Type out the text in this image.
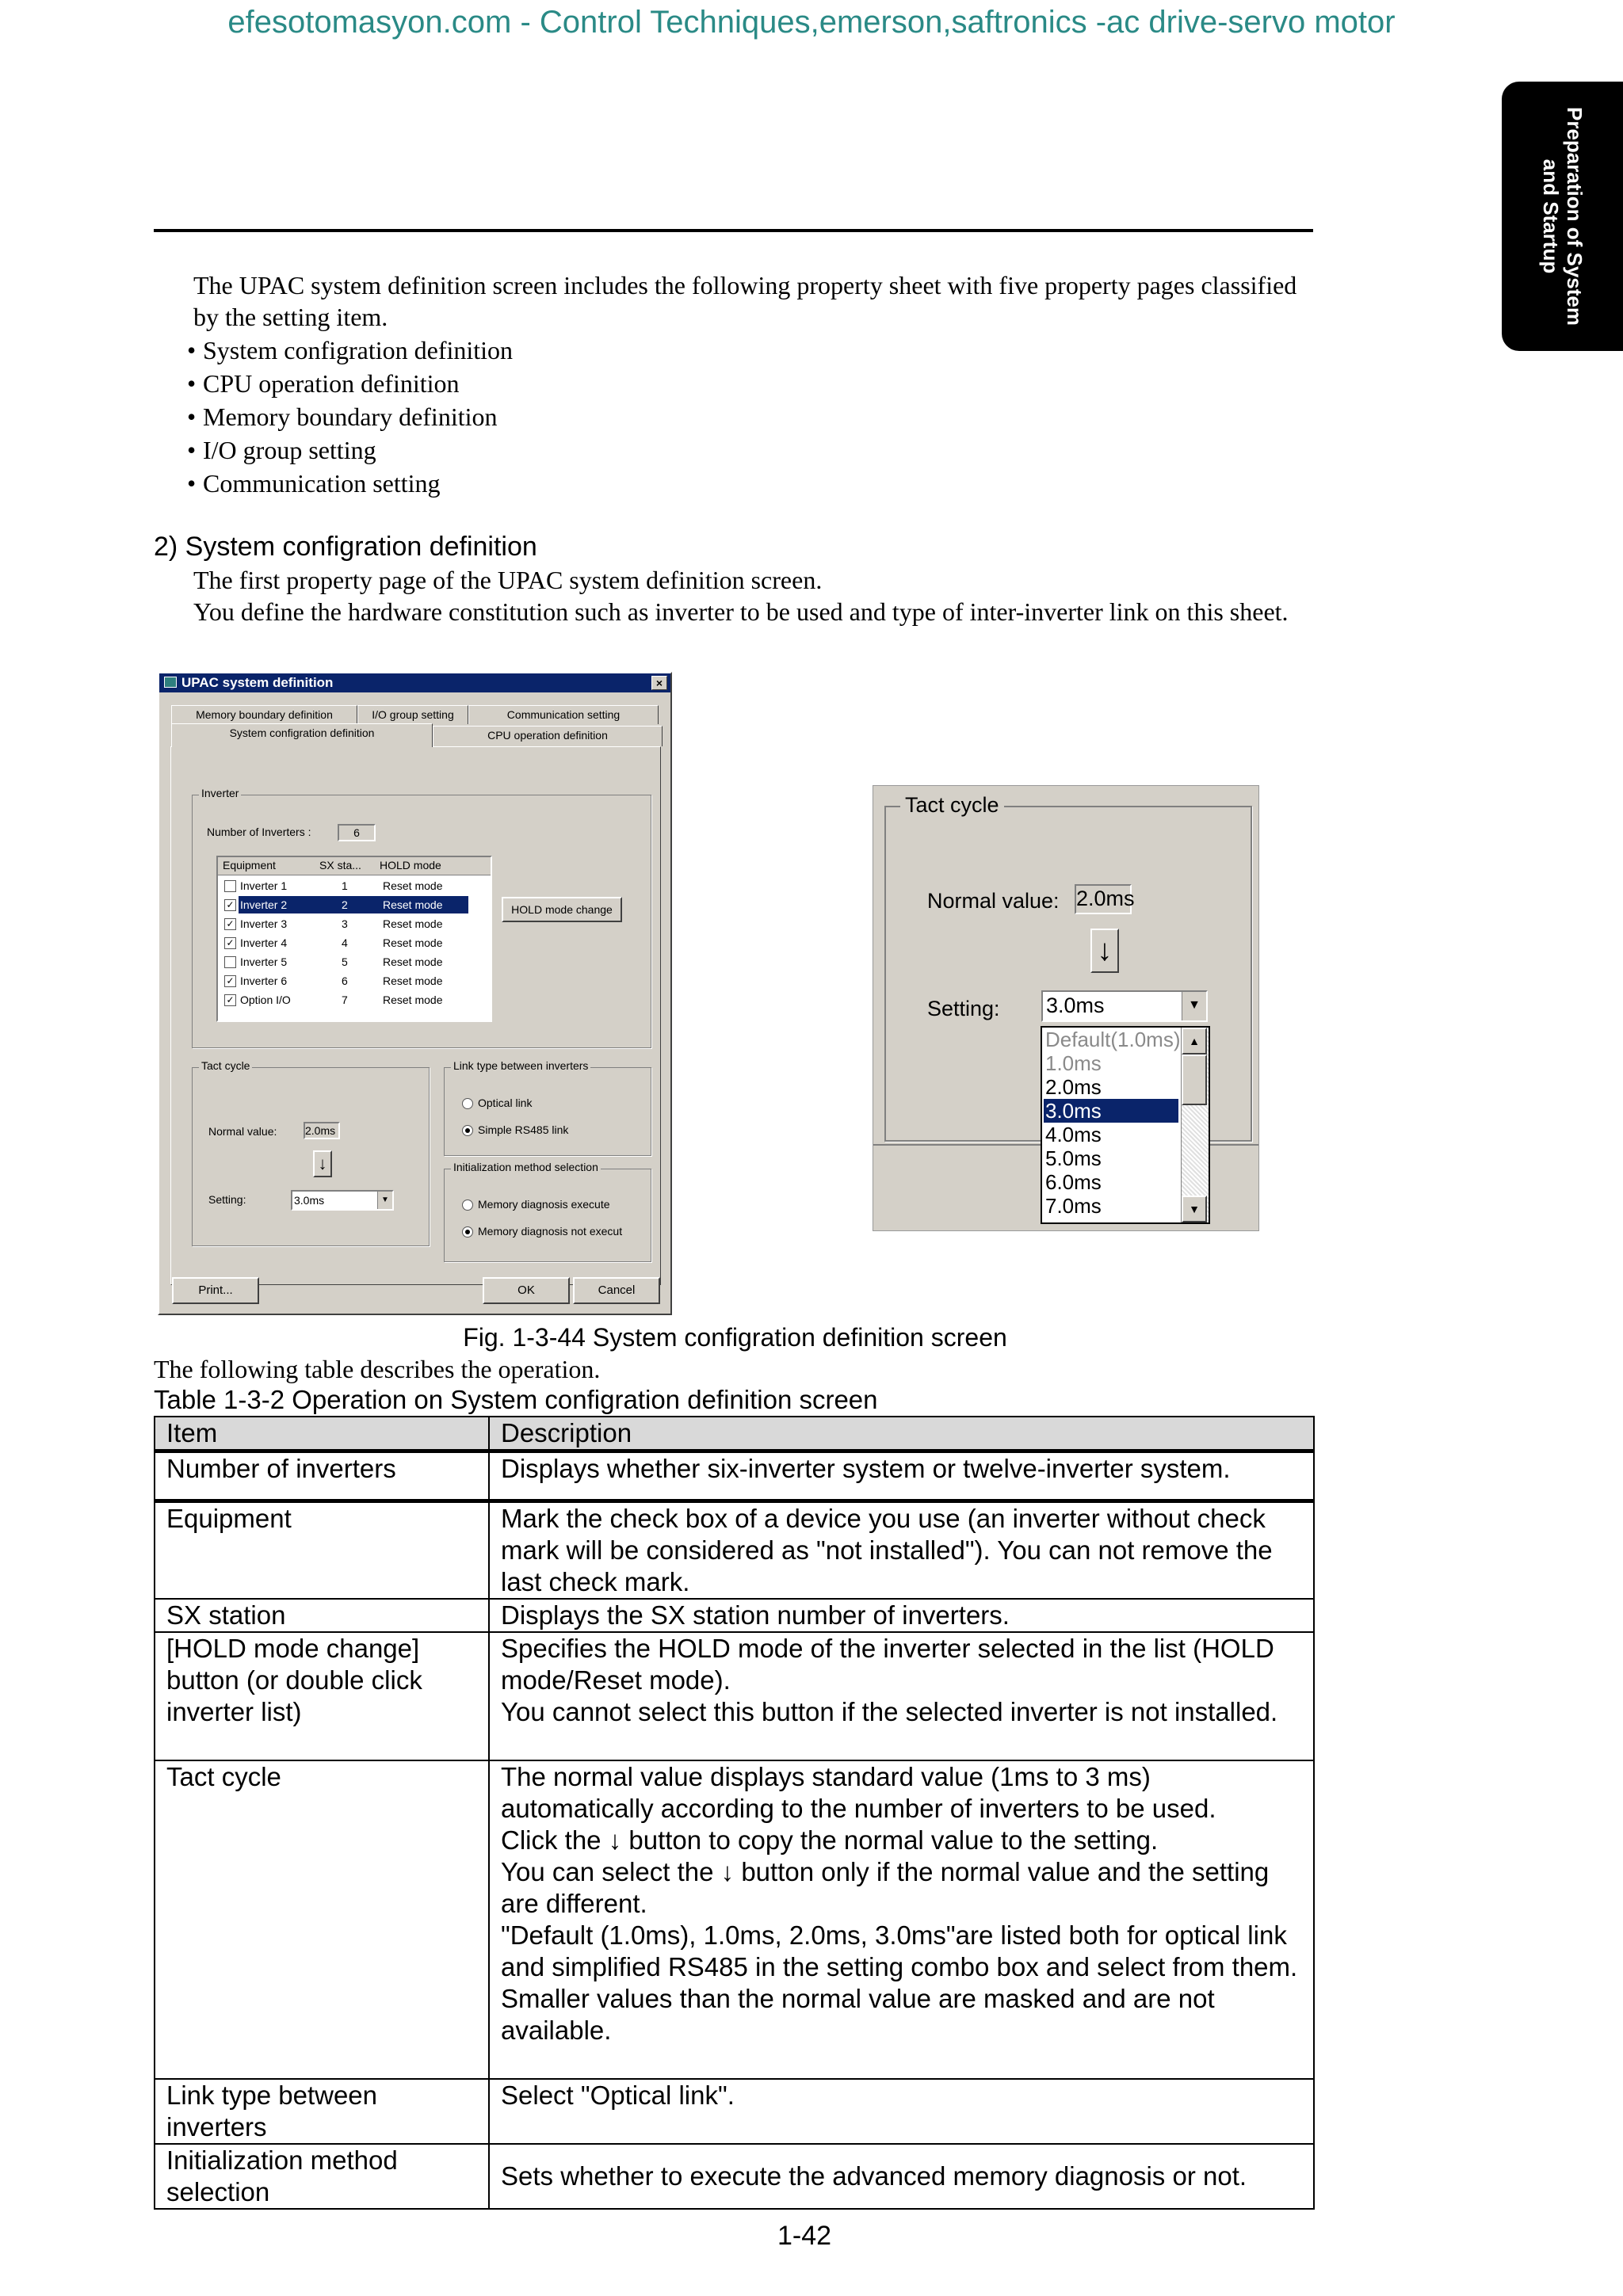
efesotomasyon.com - Control Techniques,emerson,saftronics -ac drive-servo motor
Preparation of System
and Startup
The UPAC system definition screen includes the following property sheet with five property pages classified by the setting item.
• System configration definition
• CPU operation definition
• Memory boundary definition
• I/O group setting
• Communication setting
2) System configration definition
The first property page of the UPAC system definition screen.
You define the hardware constitution such as inverter to be used and type of inter-inverter link on this sheet.
UPAC system definition	×
Memory boundary definition	I/O group setting	Communication setting
System configration definition	CPU operation definition
Inverter
Number of Inverters :	6
Equipment	SX sta... HOLD mode
Inverter 1	1	Reset mode
✓ Inverter 2	2	Reset mode
✓ Inverter 3	3	Reset mode
✓ Inverter 4	4	Reset mode
Inverter 5	5	Reset mode
✓ Inverter 6	6	Reset mode
✓ Option I/O	7	Reset mode
HOLD mode change
Tact cycle
Normal value:	2.0ms
↓
Setting:	3.0ms	▼
Link type between inverters
Optical link
Simple RS485 link
Initialization method selection
Memory diagnosis execute
Memory diagnosis not execut
Print...	OK	Cancel
Tact cycle
Normal value: 2.0ms
↓
Setting: 3.0ms	▼
Default(1.0ms)
1.0ms
2.0ms
3.0ms
4.0ms
5.0ms
6.0ms
7.0ms
▲
▼
Fig. 1-3-44 System configration definition screen
The following table describes the operation.
Table 1-3-2 Operation on System configration definition screen
Item	Description
Number of inverters	Displays whether six-inverter system or twelve-inverter system.
Equipment	Mark the check box of a device you use (an inverter without check mark will be considered as "not installed"). You can not remove the last check mark.
SX station	Displays the SX station number of inverters.
[HOLD mode change] button (or double click inverter list)	Specifies the HOLD mode of the inverter selected in the list (HOLD mode/Reset mode).
You cannot select this button if the selected inverter is not installed.
Tact cycle	The normal value displays standard value (1ms to 3 ms) automatically according to the number of inverters to be used.
Click the ↓ button to copy the normal value to the setting.
You can select the ↓ button only if the normal value and the setting are different.
"Default (1.0ms), 1.0ms, 2.0ms, 3.0ms"are listed both for optical link and simplified RS485 in the setting combo box and select from them.
Smaller values than the normal value are masked and are not available.
Link type between inverters	Select "Optical link".
Initialization method selection	Sets whether to execute the advanced memory diagnosis or not.
1-42
